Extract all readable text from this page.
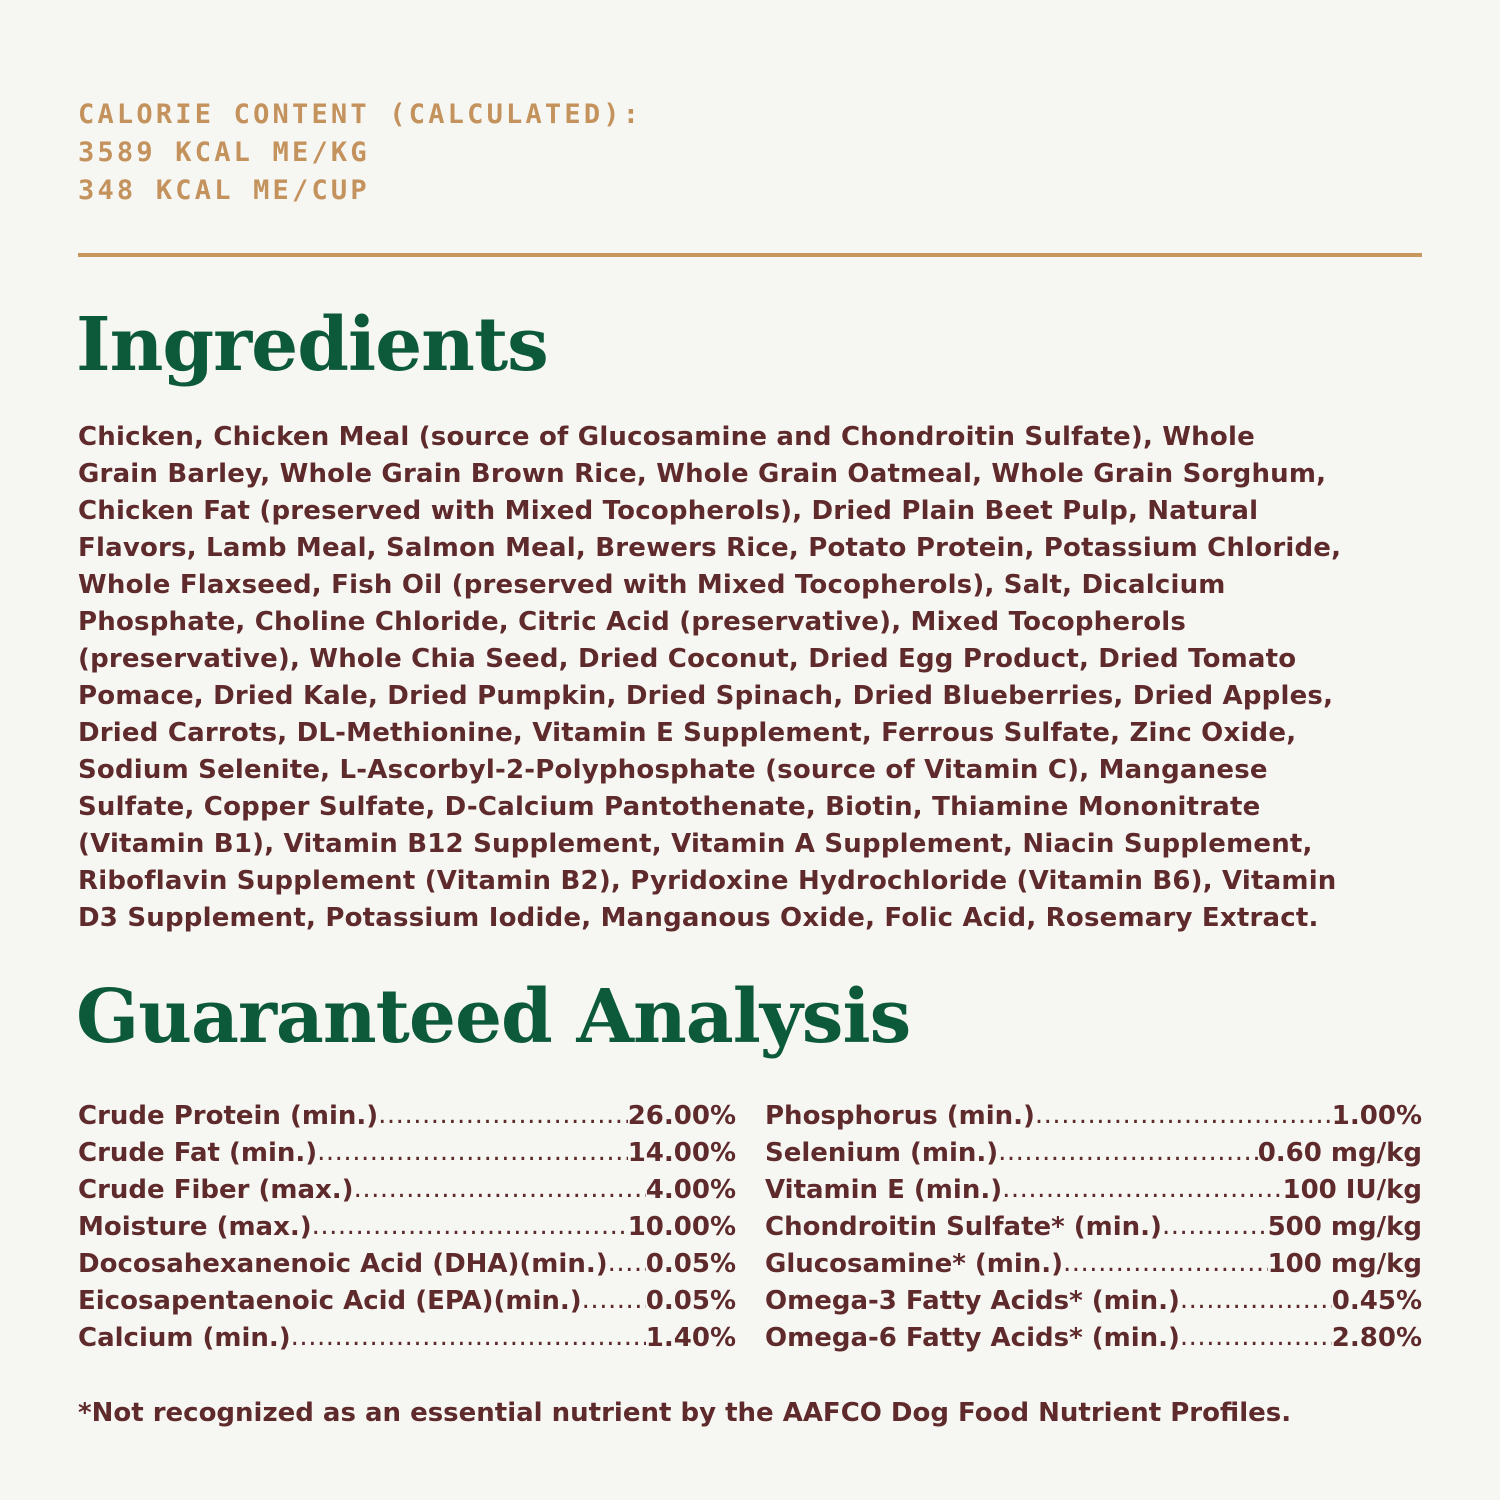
CALORIE CONTENT (CALCULATED):
3589 KCAL ME/KG
348 KCAL ME/CUP
Ingredients
Chicken, Chicken Meal (source of Glucosamine and Chondroitin Sulfate), Whole
Grain Barley, Whole Grain Brown Rice, Whole Grain Oatmeal, Whole Grain Sorghum,
Chicken Fat (preserved with Mixed Tocopherols), Dried Plain Beet Pulp, Natural
Flavors, Lamb Meal, Salmon Meal, Brewers Rice, Potato Protein, Potassium Chloride,
Whole Flaxseed, Fish Oil (preserved with Mixed Tocopherols), Salt, Dicalcium
Phosphate, Choline Chloride, Citric Acid (preservative), Mixed Tocopherols
(preservative), Whole Chia Seed, Dried Coconut, Dried Egg Product, Dried Tomato
Pomace, Dried Kale, Dried Pumpkin, Dried Spinach, Dried Blueberries, Dried Apples,
Dried Carrots, DL-Methionine, Vitamin E Supplement, Ferrous Sulfate, Zinc Oxide,
Sodium Selenite, L-Ascorbyl-2-Polyphosphate (source of Vitamin C), Manganese
Sulfate, Copper Sulfate, D-Calcium Pantothenate, Biotin, Thiamine Mononitrate
(Vitamin B1), Vitamin B12 Supplement, Vitamin A Supplement, Niacin Supplement,
Riboflavin Supplement (Vitamin B2), Pyridoxine Hydrochloride (Vitamin B6), Vitamin
D3 Supplement, Potassium Iodide, Manganous Oxide, Folic Acid, Rosemary Extract.
Guaranteed Analysis
Crude Protein (min.) .....	26.00%
Crude Fat (min.) .....	14.00%
Crude Fiber (max.) .....	4.00%
Moisture (max.) .....	10.00%
Docosahexanenoic Acid (DHA)(min.) ..... 0.05%
Eicosapentaenoic Acid (EPA)(min.) ..... 0.05%
Calcium (min.) .....	1.40%
Phosphorus (min.) .....	1.00%
Selenium (min.) .....	0.60 mg/kg
Vitamin E (min.) .....	100 IU/kg
Chondroitin Sulfate* (min.) .....	500 mg/kg
Glucosamine* (min.) .....	100 mg/kg
Omega-3 Fatty Acids* (min.) .....	0.45%
Omega-6 Fatty Acids* (min.) .....	2.80%
*Not recognized as an essential nutrient by the AAFCO Dog Food Nutrient Profiles.
